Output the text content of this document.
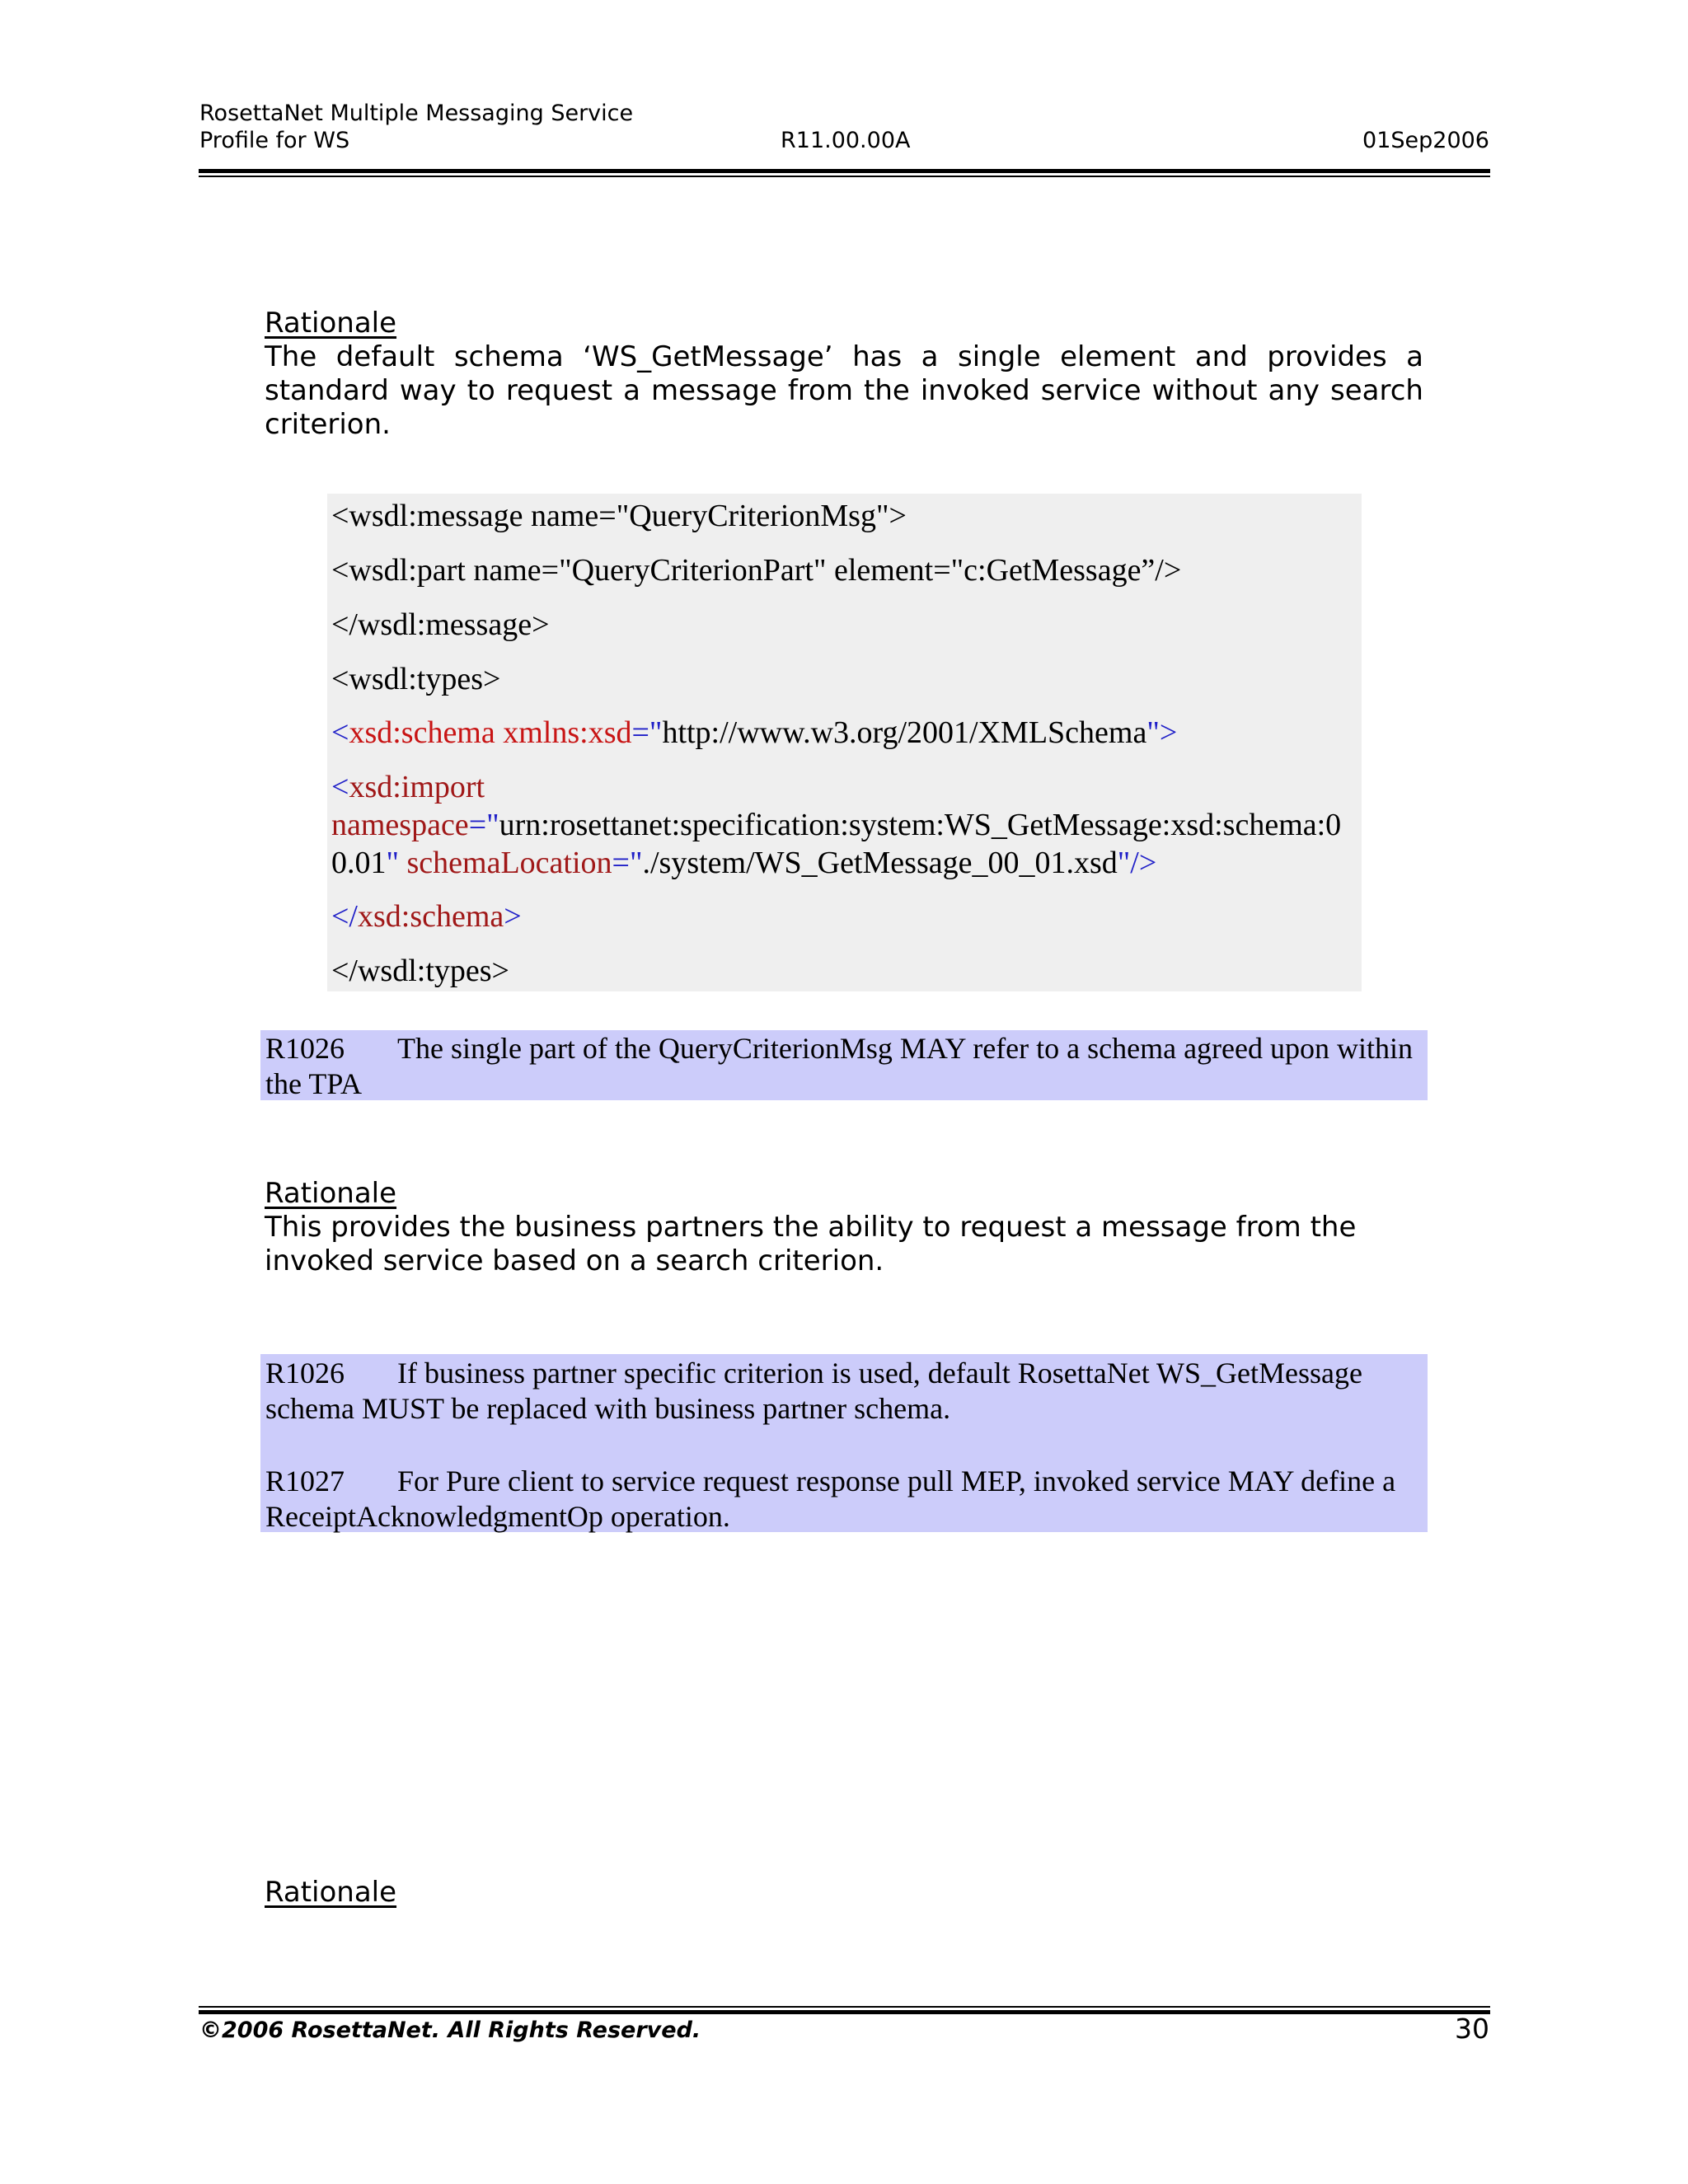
RosettaNet Multiple Messaging Service
Profile for WS	R11.00.00A	01Sep2006
Rationale
The default schema ‘WS_GetMessage’ has a single element and provides a standard way to request a message from the invoked service without any search criterion.
<wsdl:message name="QueryCriterionMsg">
<wsdl:part name="QueryCriterionPart" element="c:GetMessage”/>
</wsdl:message>
<wsdl:types>
<xsd:schema xmlns:xsd="http://www.w3.org/2001/XMLSchema">
<xsd:import
namespace="urn:rosettanet:specification:system:WS_GetMessage:xsd:schema:00.01" schemaLocation="./system/WS_GetMessage_00_01.xsd"/>
</xsd:schema>
</wsdl:types>
R1026 The single part of the QueryCriterionMsg MAY refer to a schema agreed upon within the TPA
Rationale
This provides the business partners the ability to request a message from the invoked service based on a search criterion.
R1026 If business partner specific criterion is used, default RosettaNet WS_GetMessage schema MUST be replaced with business partner schema.
R1027 For Pure client to service request response pull MEP, invoked service MAY define a ReceiptAcknowledgmentOp operation.
Rationale
©2006 RosettaNet. All Rights Reserved.	30
